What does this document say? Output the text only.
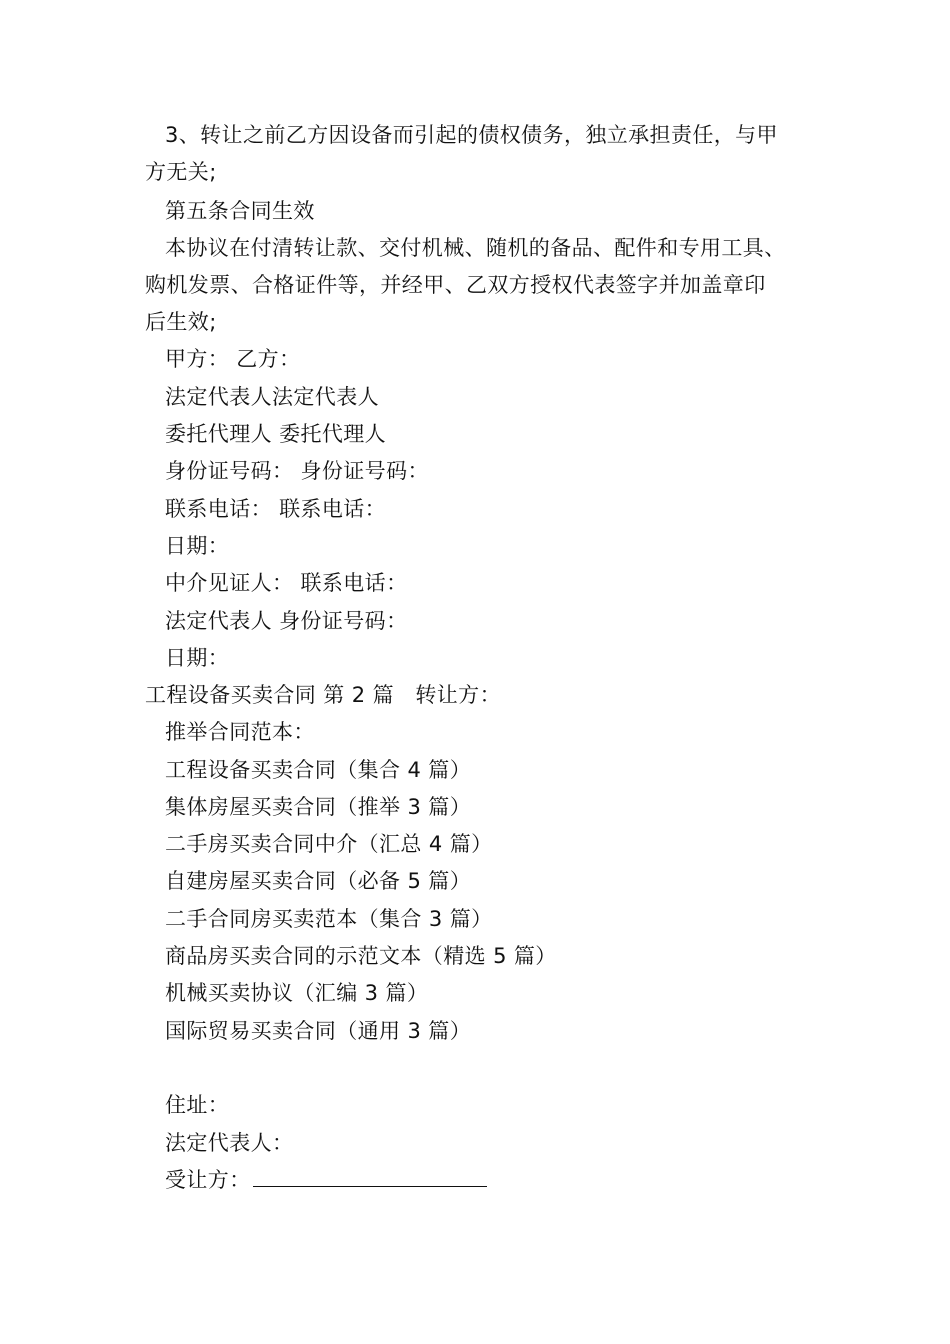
3、转让之前乙方因设备而引起的债权债务，独立承担责任，与甲
方无关;
第五条合同生效
本协议在付清转让款、交付机械、随机的备品、配件和专用工具、
购机发票、合格证件等，并经甲、乙双方授权代表签字并加盖章印
后生效;
甲方： 乙方：
法定代表人法定代表人
委托代理人 委托代理人
身份证号码： 身份证号码：
联系电话： 联系电话：
日期：
中介见证人： 联系电话：
法定代表人 身份证号码：
日期：
工程设备买卖合同 第 2 篇　转让方：
推举合同范本：
工程设备买卖合同（集合 4 篇）
集体房屋买卖合同（推举 3 篇）
二手房买卖合同中介（汇总 4 篇）
自建房屋买卖合同（必备 5 篇）
二手合同房买卖范本（集合 3 篇）
商品房买卖合同的示范文本（精选 5 篇）
机械买卖协议（汇编 3 篇）
国际贸易买卖合同（通用 3 篇）
住址：
法定代表人：
受让方：
